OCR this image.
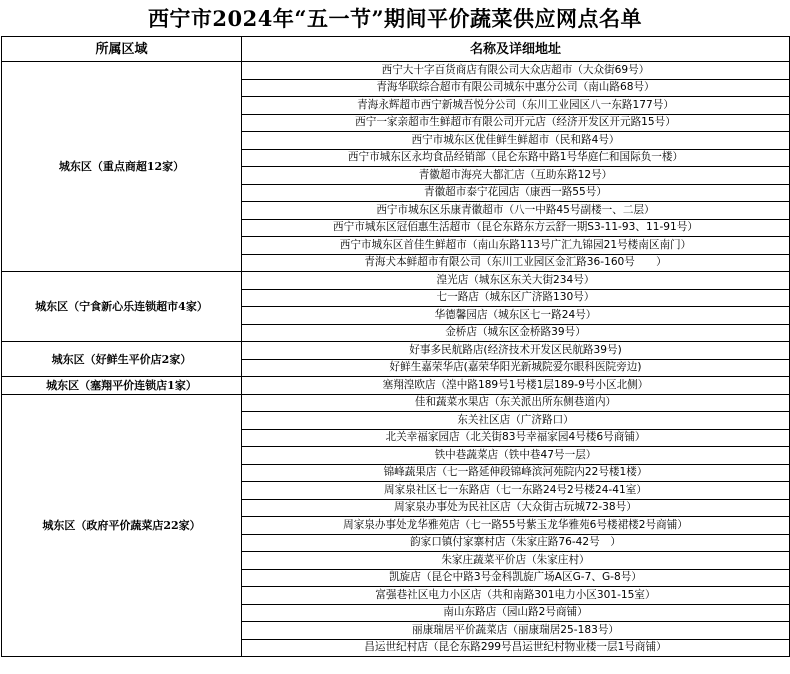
西宁市2024年“五一节”期间平价蔬菜供应网点名单
所属区域	名称及详细地址
城东区（重点商超12家）	西宁大十字百货商店有限公司大众店超市（大众街69号）
	青海华联综合超市有限公司城东中惠分公司（南山路68号）
	青海永辉超市西宁新城吾悦分公司（东川工业园区八一东路177号）
	西宁一家亲超市生鲜超市有限公司开元店（经济开发区开元路15号）
	西宁市城东区优佳鲜生鲜超市（民和路4号）
	西宁市城东区永均食品经销部（昆仑东路中路1号华庭仁和国际负一楼）
	青徽超市海亮大都汇店（互助东路12号）
	青徽超市泰宁花园店（康西一路55号）
	西宁市城东区乐康青徽超市（八一中路45号副楼一、二层）
	西宁市城东区冠佰惠生活超市（昆仑东路东方云舒一期S3-11-93、11-91号）
	西宁市城东区首佳生鲜超市（南山东路113号广汇九锦园21号楼南区南门）
	青海犬本鲜超市有限公司（东川工业园区金汇路36-160号　　）
城东区（宁食新心乐连锁超市4家）	湟光店（城东区东关大街234号）
	七一路店（城东区广济路130号）
	华德馨园店（城东区七一路24号）
	金桥店（城东区金桥路39号）
城东区（好鲜生平价店2家）	好事多民航路店(经济技术开发区民航路39号)
	好鲜生嘉荣华店(嘉荣华阳光新城院爱尔眼科医院旁边)
城东区（塞翔平价连锁店1家）	塞翔湟欧店（湟中路189号1号楼1层189-9号小区北侧）
城东区（政府平价蔬菜店22家）	佳和蔬菜水果店（东关派出所东侧巷道内）
	东关社区店（广济路口）
	北关幸福家园店（北关街83号幸福家园4号楼6号商铺）
	铁中巷蔬菜店（铁中巷47号一层）
	锦峰蔬果店（七一路延伸段锦峰滨河苑院内22号楼1楼）
	周家泉社区七一东路店（七一东路24号2号楼24-41室）
	周家泉办事处为民社区店（大众街古玩城72-38号）
	周家泉办事处龙华雅苑店（七一路55号紫玉龙华雅苑6号楼裙楼2号商铺）
	韵家口镇付家寨村店（朱家庄路76-42号　）
	朱家庄蔬菜平价店（朱家庄村）
	凯旋店（昆仑中路3号金科凯旋广场A区G-7、G-8号）
	富强巷社区电力小区店（共和南路301电力小区301-15室）
	南山东路店（园山路2号商铺）
	丽康瑞居平价蔬菜店（丽康瑞居25-183号）
	昌运世纪村店（昆仑东路299号昌运世纪村物业楼一层1号商铺）
